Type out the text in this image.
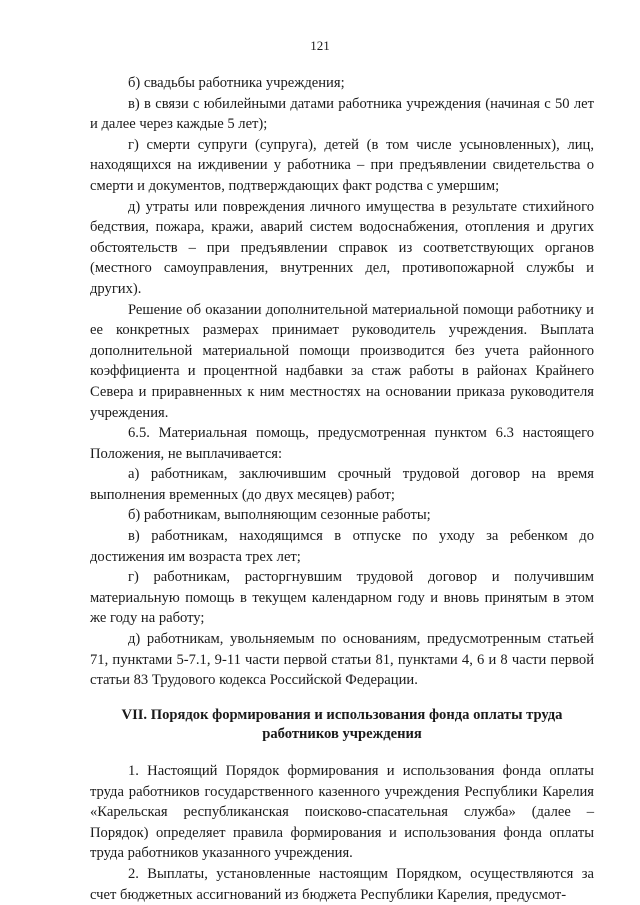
121

б) свадьбы работника учреждения;

в) в связи с юбилейными датами работника учреждения (начиная с 50 лет и далее через каждые 5 лет);

г) смерти супруги (супруга), детей (в том числе усыновленных), лиц, находящихся на иждивении у работника – при предъявлении свидетельства о смерти и документов, подтверждающих факт родства с умершим;

д) утраты или повреждения личного имущества в результате стихийного бедствия, пожара, кражи, аварий систем водоснабжения, отопления и других обстоятельств – при предъявлении справок из соответствующих органов (местного самоуправления, внутренних дел, противопожарной службы и других).

Решение об оказании дополнительной материальной помощи работнику и ее конкретных размерах принимает руководитель учреждения. Выплата дополнительной материальной помощи производится без учета районного коэффициента и процентной надбавки за стаж работы в районах Крайнего Севера и приравненных к ним местностях на основании приказа руководителя учреждения.

6.5. Материальная помощь, предусмотренная пунктом 6.3 настоящего Положения, не выплачивается:

а) работникам, заключившим срочный трудовой договор на время выполнения временных (до двух месяцев) работ;

б) работникам, выполняющим сезонные работы;

в) работникам, находящимся в отпуске по уходу за ребенком до достижения им возраста трех лет;

г) работникам, расторгнувшим трудовой договор и получившим материальную помощь в текущем календарном году и вновь принятым в этом же году на работу;

д) работникам, увольняемым по основаниям, предусмотренным статьей 71, пунктами 5-7.1, 9-11 части первой статьи 81, пунктами 4, 6 и 8 части первой статьи 83 Трудового кодекса Российской Федерации.

VII. Порядок формирования и использования фонда оплаты труда работников учреждения

1. Настоящий Порядок формирования и использования фонда оплаты труда работников государственного казенного учреждения Республики Карелия «Карельская республиканская поисково-спасательная служба» (далее – Порядок) определяет правила формирования и использования фонда оплаты труда работников указанного учреждения.

2. Выплаты, установленные настоящим Порядком, осуществляются за счет бюджетных ассигнований из бюджета Республики Карелия, предусмот-
